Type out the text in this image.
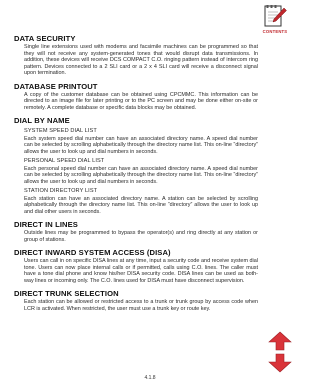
CONTENTS
DATA SECURITY

Single line extensions used with modems and facsimile machines can be programmed so that they will not receive any system-generated tones that would disrupt data transmissions. In addition, these devices will receive DCS COMPACT C.O. ringing pattern instead of intercom ring pattern. Devices connected to a 2 SLI card or a 2 x 4 SLI card will receive a disconnect signal upon termination.

DATABASE PRINTOUT

A copy of the customer database can be obtained using CPCMMC. This information can be directed to an image file for later printing or to the PC screen and may be done either on-site or remotely. A complete database or specific data blocks may be obtained.

DIAL BY NAME
SYSTEM SPEED DIAL LIST

Each system speed dial number can have an associated directory name. A speed dial number can be selected by scrolling alphabetically through the directory name list. This on-line “directory” allows the user to look up and dial numbers in seconds.

PERSONAL SPEED DIAL LIST

Each personal speed dial number can have an associated directory name. A speed dial number can be selected by scrolling alphabetically through the directory name list. This on-line “directory” allows the user to look up and dial numbers in seconds.

STATION DIRECTORY LIST

Each station can have an associated directory name. A station can be selected by scrolling alphabetically through the directory name list. This on-line “directory” allows the user to look up and dial other users in seconds.

DIRECT IN LINES

Outside lines may be programmed to bypass the operator(s) and ring directly at any station or group of stations.

DIRECT INWARD SYSTEM ACCESS (DISA)

Users can call in on specific DISA lines at any time, input a security code and receive system dial tone. Users can now place internal calls or if permitted, calls using C.O. lines. The caller must have a tone dial phone and know his/her DISA security code. DISA lines can be used as both-way lines or incoming only. The C.O. lines used for DISA must have disconnect supervision.

DIRECT TRUNK SELECTION

Each station can be allowed or restricted access to a trunk or trunk group by access code when LCR is activated. When restricted, the user must use a trunk key or route key.

4.1.8
